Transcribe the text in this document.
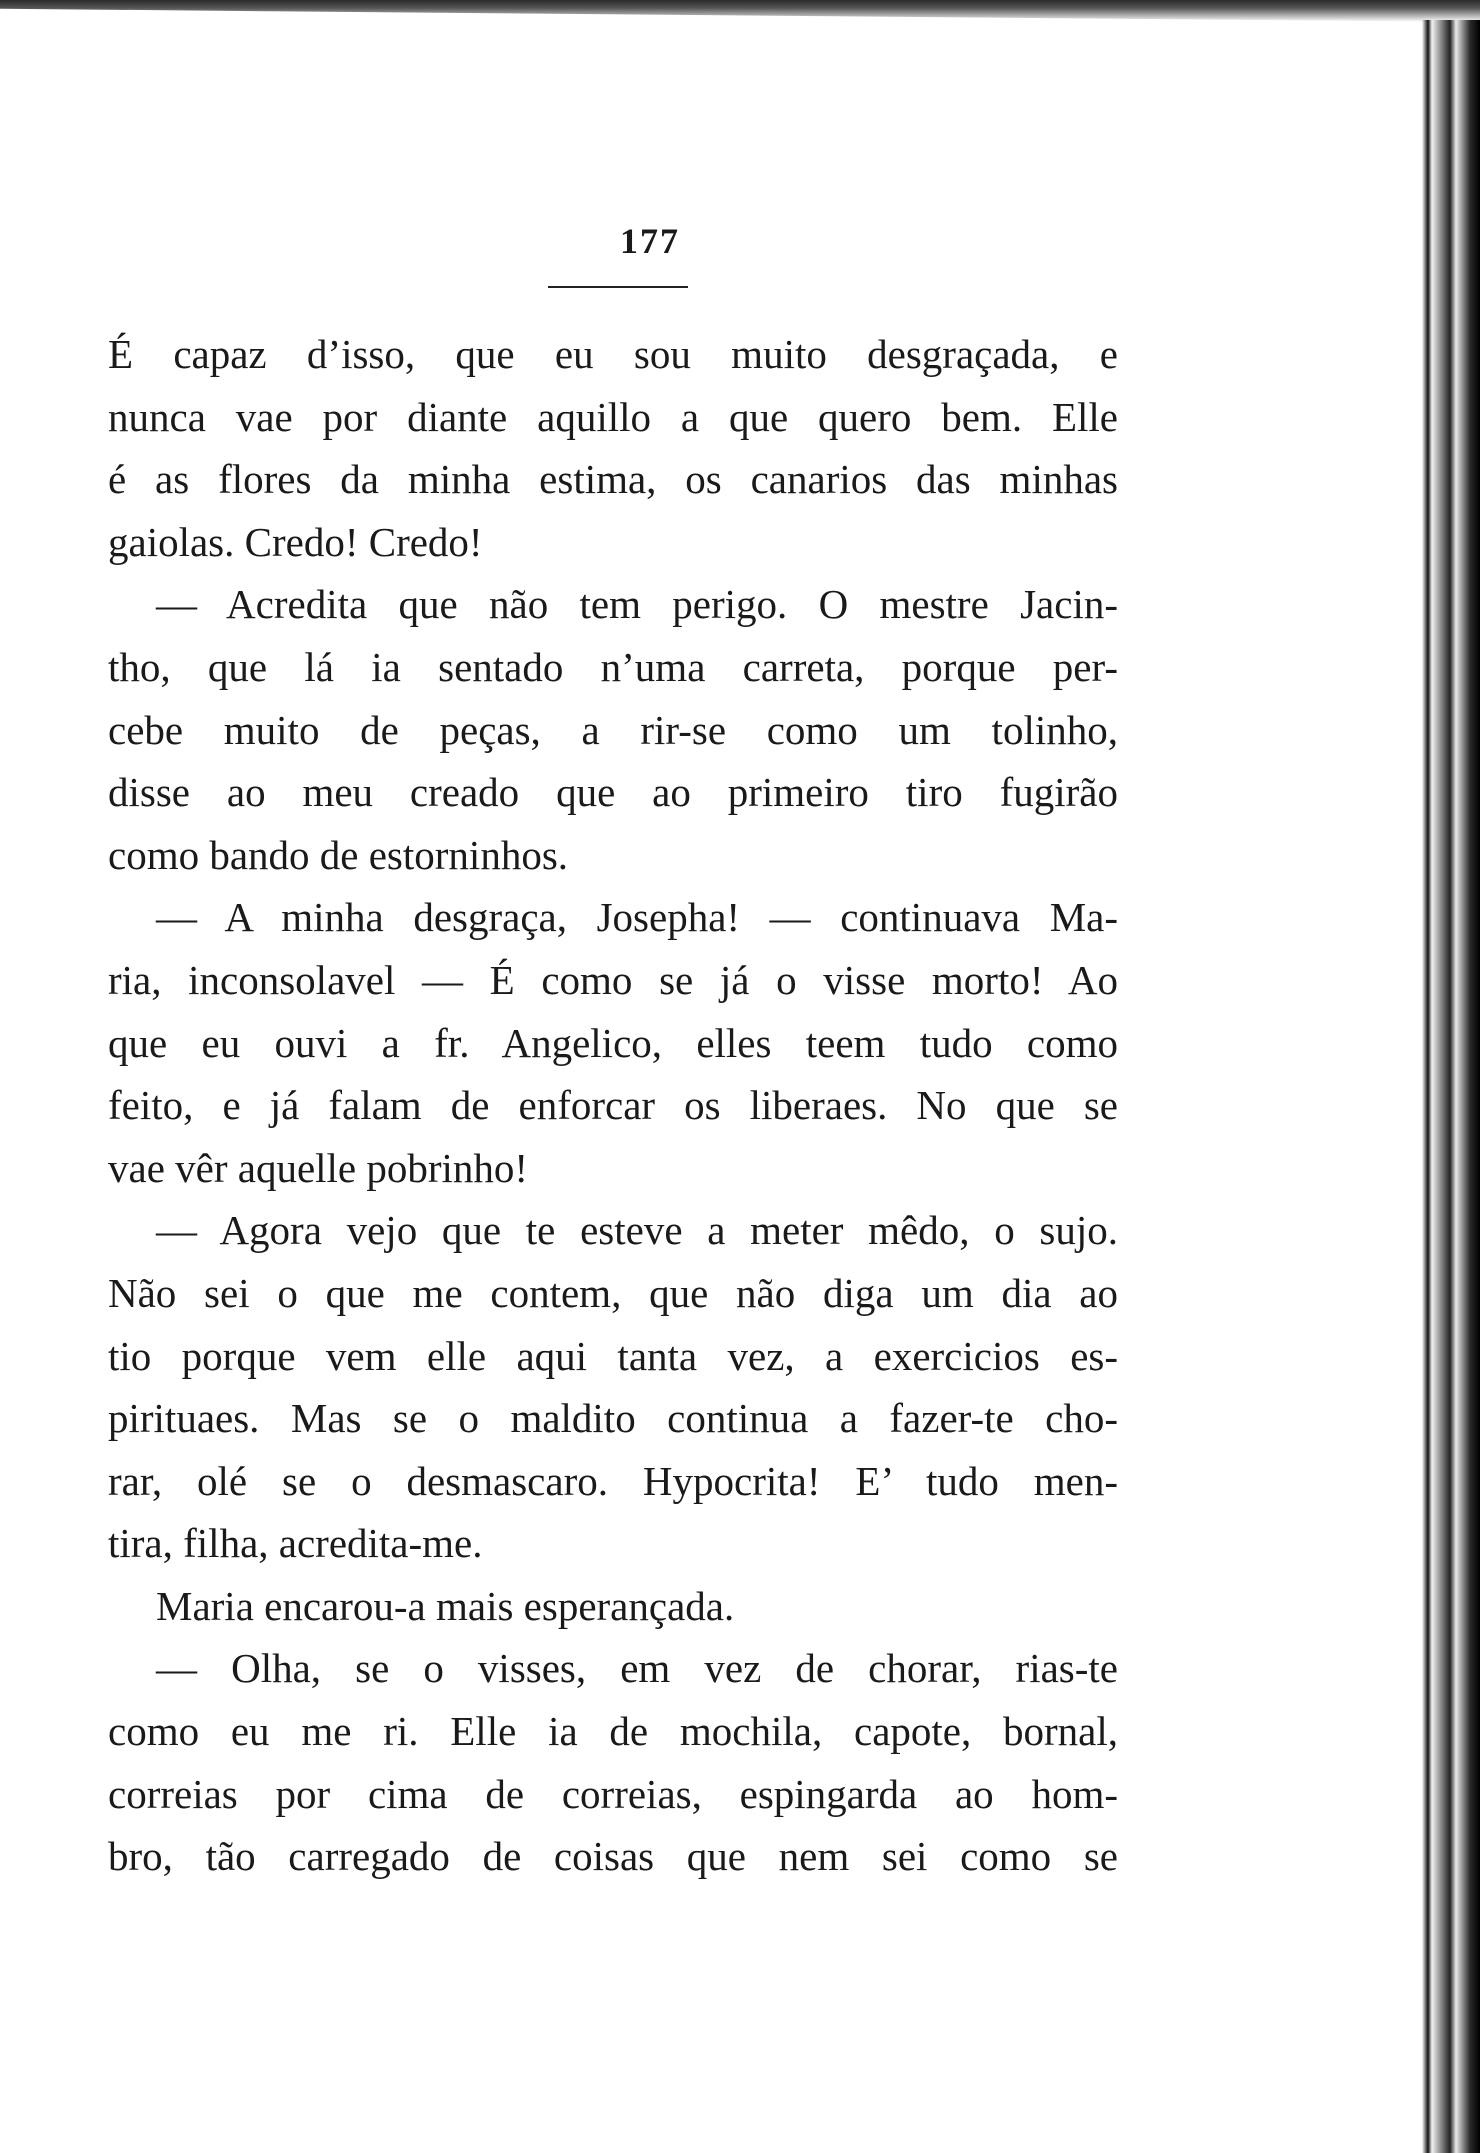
177
É capaz d’isso, que eu sou muito desgraçada, e
nunca vae por diante aquillo a que quero bem. Elle
é as flores da minha estima, os canarios das minhas
gaiolas. Credo! Credo!
— Acredita que não tem perigo. O mestre Jacin-
tho, que lá ia sentado n’uma carreta, porque per-
cebe muito de peças, a rir-se como um tolinho,
disse ao meu creado que ao primeiro tiro fugirão
como bando de estorninhos.
— A minha desgraça, Josepha! — continuava Ma-
ria, inconsolavel — É como se já o visse morto! Ao
que eu ouvi a fr. Angelico, elles teem tudo como
feito, e já falam de enforcar os liberaes. No que se
vae vêr aquelle pobrinho!
— Agora vejo que te esteve a meter mêdo, o sujo.
Não sei o que me contem, que não diga um dia ao
tio porque vem elle aqui tanta vez, a exercicios es-
pirituaes. Mas se o maldito continua a fazer-te cho-
rar, olé se o desmascaro. Hypocrita! E’ tudo men-
tira, filha, acredita-me.
Maria encarou-a mais esperançada.
— Olha, se o visses, em vez de chorar, rias-te
como eu me ri. Elle ia de mochila, capote, bornal,
correias por cima de correias, espingarda ao hom-
bro, tão carregado de coisas que nem sei como se
